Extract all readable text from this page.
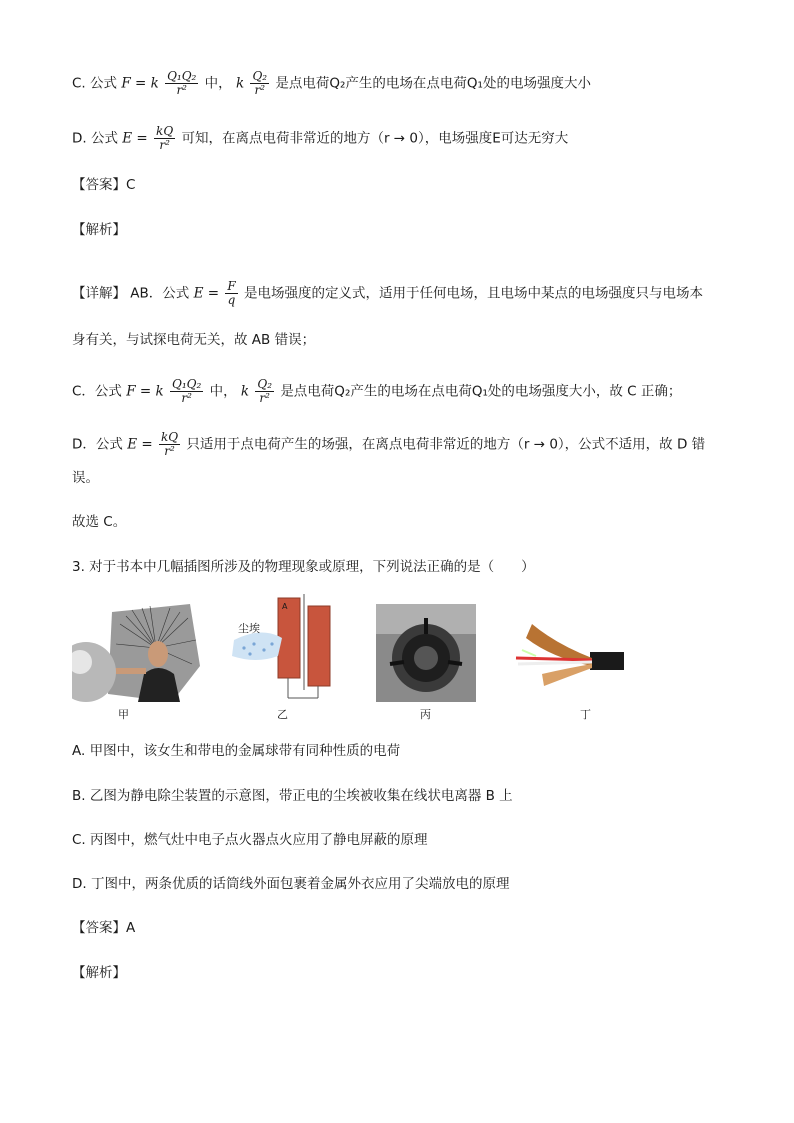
C. 公式 F = k $\frac{\text{Q₁Q₂}}{\text{r²}}$ 中， k $\frac{\text{Q₂}}{\text{r²}}$ 是点电荷Q₂产生的电场在点电荷Q₁处的电场强度大小
D. 公式 $E = \frac{kQ}{\text{r²}}$ 可知，在离点电荷非常近的地方（r → 0），电场强度E可达无穷大
【答案】C
【解析】
【详解】 AB．公式 $E = \frac{F}{q}$ 是电场强度的定义式，适用于任何电场，且电场中某点的电场强度只与电场本
身有关，与试探电荷无关，故 AB 错误；
C．公式 F = k $\frac{\text{Q₁Q₂}}{\text{r²}}$ 中， k $\frac{\text{Q₂}}{\text{r²}}$ 是点电荷Q₂产生的电场在点电荷Q₁处的电场强度大小，故 C 正确；
D．公式 $E = \frac{kQ}{\text{r²}}$ 只适用于点电荷产生的场强，在离点电荷非常近的地方（r → 0），公式不适用，故 D 错
误。
故选 C。
3. 对于书本中几幅插图所涉及的物理现象或原理，下列说法正确的是（　　）
甲
尘埃
A
乙	丙	丁
A. 甲图中，该女生和带电的金属球带有同种性质的电荷
B. 乙图为静电除尘装置的示意图，带正电的尘埃被收集在线状电离器 B 上
C. 丙图中，燃气灶中电子点火器点火应用了静电屏蔽的原理
D. 丁图中，两条优质的话筒线外面包裹着金属外衣应用了尖端放电的原理
【答案】A
【解析】
